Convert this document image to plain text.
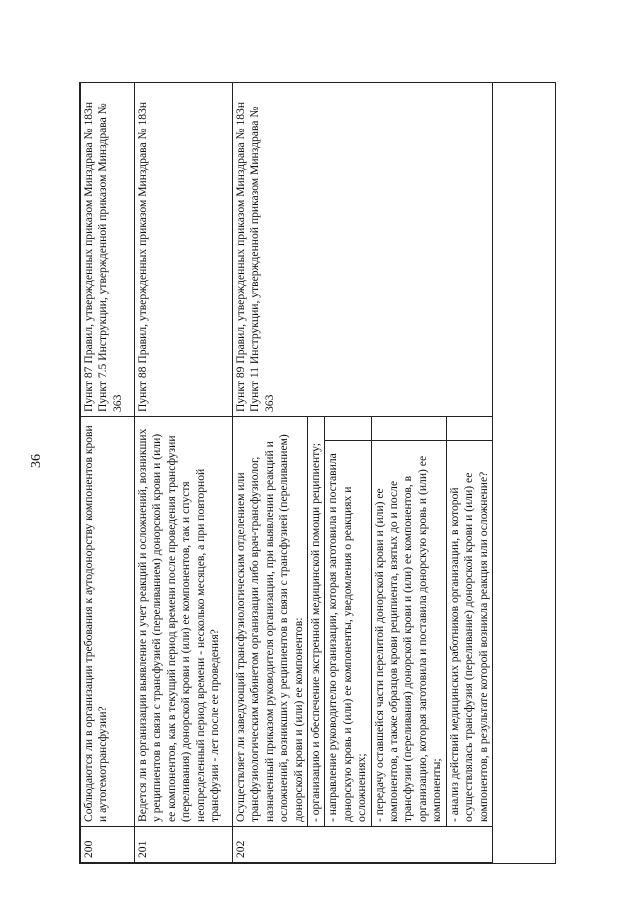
36
200	Соблюдаются ли в организации требования к аутодонорству компонентов крови и аутогемотрансфузии?		Пункт 87 Правил, утвержденных приказом Минздрава № 183н
Пункт 7.5 Инструкции, утвержденной приказом Минздрава № 363
201	Ведется ли в организации выявление и учет реакций и осложнений, возникших у реципиентов в связи с трансфузией (переливанием) донорской крови и (или) ее компонентов, как в текущий период времени после проведения трансфузии (переливания) донорской крови и (или) ее компонентов, так и спустя неопределенный период времени - несколько месяцев, а при повторной трансфузии - лет после ее проведения?		Пункт 88 Правил, утвержденных приказом Минздрава № 183н
202	Осуществляет ли заведующий трансфузиологическим отделением или трансфузиологическим кабинетом организации либо врач-трансфузиолог, назначенный приказом руководителя организации, при выявлении реакций и осложнений, возникших у реципиентов в связи с трансфузией (переливанием) донорской крови и (или) ее компонентов:		Пункт 89 Правил, утвержденных приказом Минздрава № 183н
Пункт 11 Инструкции, утвержденной приказом Минздрава № 363
	- организацию и обеспечение экстренной медицинской помощи реципиенту;		
	- направление руководителю организации, которая заготовила и поставила донорскую кровь и (или) ее компоненты, уведомления о реакциях и осложнениях;		
	- передачу оставшейся части перелитой донорской крови и (или) ее компонентов, а также образцов крови реципиента, взятых до и после трансфузии (переливания) донорской крови и (или) ее компонентов, в организацию, которая заготовила и поставила донорскую кровь и (или) ее компоненты;		
	- анализ действий медицинских работников организации, в которой осуществлялась трансфузия (переливание) донорской крови и (или) ее компонентов, в результате которой возникла реакция или осложнение?		
